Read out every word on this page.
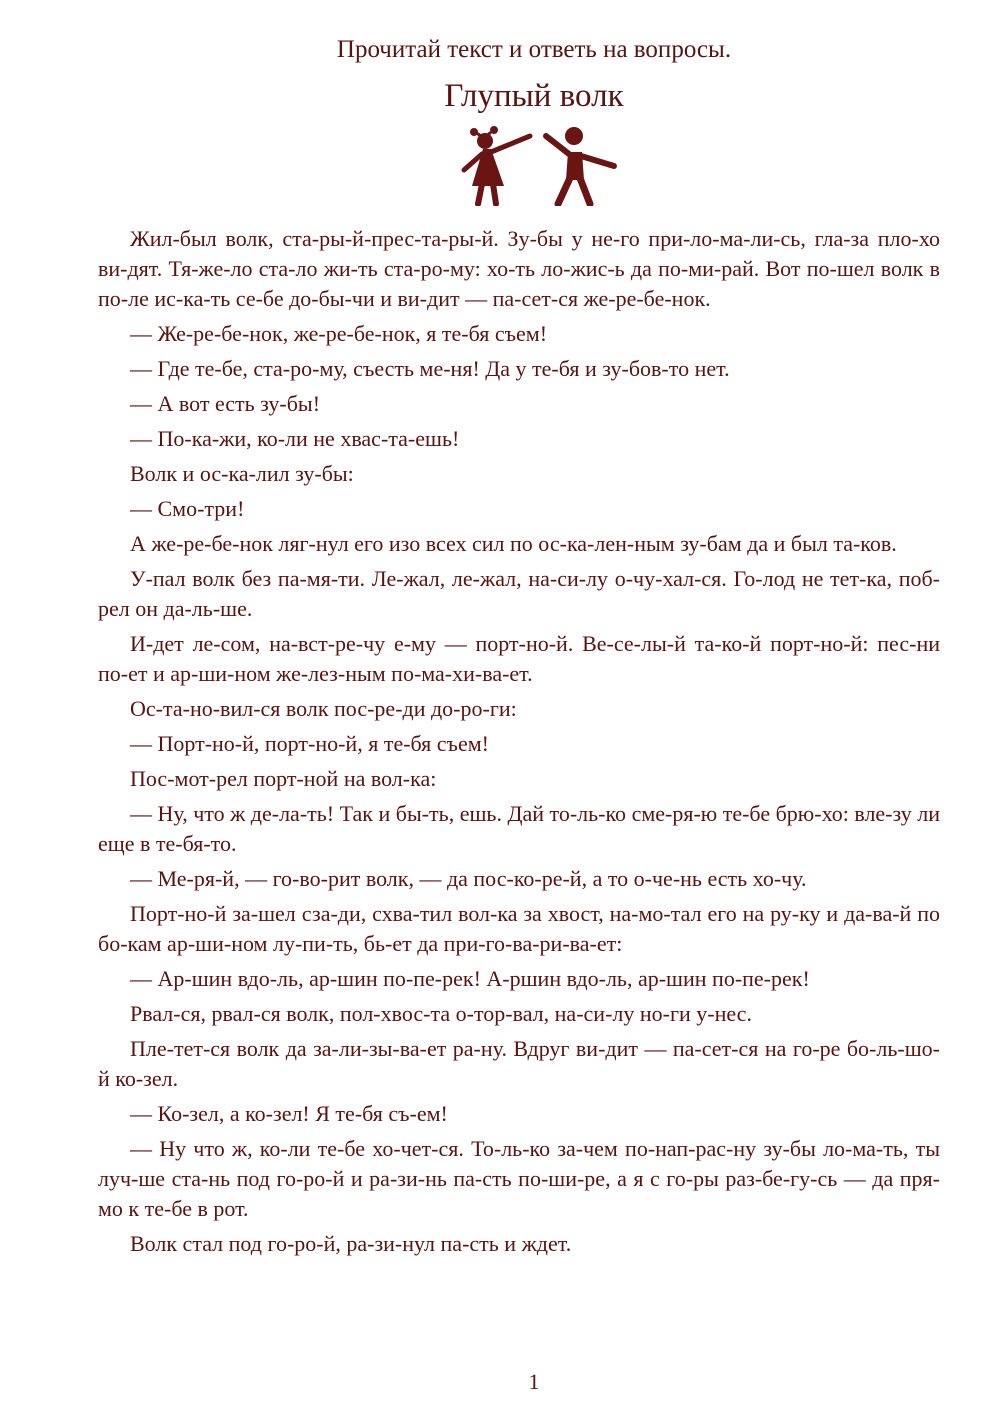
Прочитай текст и ответь на вопросы.

Глупый волк

Жил-был волк, ста-ры-й-прес-та-ры-й. Зу-бы у не-го при-ло-ма-ли-сь, гла-за пло-хо ви-дят. Тя-же-ло ста-ло жи-ть ста-ро-му: хо-ть ло-жис-ь да по-ми-рай. Вот по-шел волк в по-ле ис-ка-ть се-бе до-бы-чи и ви-дит — па-сет-ся же-ре-бе-нок.

— Же-ре-бе-нок, же-ре-бе-нок, я те-бя съем!

— Где те-бе, ста-ро-му, съесть ме-ня! Да у те-бя и зу-бов-то нет.

— А вот есть зу-бы!

— По-ка-жи, ко-ли не хвас-та-ешь!

Волк и ос-ка-лил зу-бы:

— Смо-три!

А же-ре-бе-нок ляг-нул его изо всех сил по ос-ка-лен-ным зу-бам да и был та-ков.

У-пал волк без па-мя-ти. Ле-жал, ле-жал, на-си-лу о-чу-хал-ся. Го-лод не тет-ка, поб-рел он да-ль-ше.

И-дет ле-сом, на-вст-ре-чу е-му — порт-но-й. Ве-се-лы-й та-ко-й порт-но-й: пес-ни по-ет и ар-ши-ном же-лез-ным по-ма-хи-ва-ет.

Ос-та-но-вил-ся волк пос-ре-ди до-ро-ги:

— Порт-но-й, порт-но-й, я те-бя съем!

Пос-мот-рел порт-ной на вол-ка:

— Ну, что ж де-ла-ть! Так и бы-ть, ешь. Дай то-ль-ко сме-ря-ю те-бе брю-хо: вле-зу ли еще в те-бя-то.

— Ме-ря-й, — го-во-рит волк, — да пос-ко-ре-й, а то о-че-нь есть хо-чу.

Порт-но-й за-шел сза-ди, схва-тил вол-ка за хвост, на-мо-тал его на ру-ку и да-ва-й по бо-кам ар-ши-ном лу-пи-ть, бь-ет да при-го-ва-ри-ва-ет:

— Ар-шин вдо-ль, ар-шин по-пе-рек! А-ршин вдо-ль, ар-шин по-пе-рек!

Рвал-ся, рвал-ся волк, пол-хвос-та о-тор-вал, на-си-лу но-ги у-нес.

Пле-тет-ся волк да за-ли-зы-ва-ет ра-ну. Вдруг ви-дит — па-сет-ся на го-ре бо-ль-шо-й ко-зел.

— Ко-зел, а ко-зел! Я те-бя съ-ем!

— Ну что ж, ко-ли те-бе хо-чет-ся. То-ль-ко за-чем по-нап-рас-ну зу-бы ло-ма-ть, ты луч-ше ста-нь под го-ро-й и ра-зи-нь па-сть по-ши-ре, а я с го-ры раз-бе-гу-сь — да пря-мо к те-бе в рот.

Волк стал под го-ро-й, ра-зи-нул па-сть и ждет.

1
